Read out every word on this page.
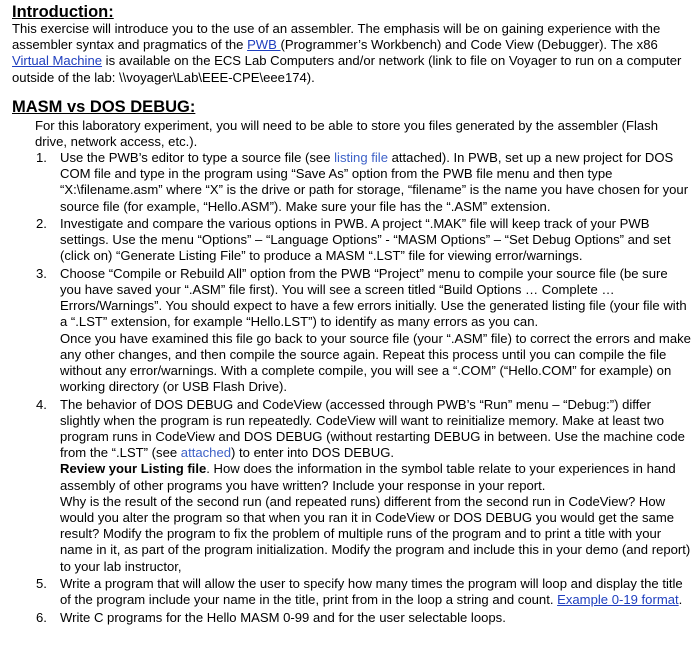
Introduction:

This exercise will introduce you to the use of an assembler. The emphasis will be on gaining experience with the assembler syntax and pragmatics of the PWB (Programmer’s Workbench) and Code View (Debugger). The x86 Virtual Machine is available on the ECS Lab Computers and/or network (link to file on Voyager to run on a computer outside of the lab: \\voyager\Lab\EEE-CPE\eee174).

MASM vs DOS DEBUG:

For this laboratory experiment, you will need to be able to store you files generated by the assembler (Flash drive, network access, etc.).

1. Use the PWB’s editor to type a source file (see listing file attached). In PWB, set up a new project for DOS COM file and type in the program using “Save As” option from the PWB file menu and then type “X:\filename.asm” where “X” is the drive or path for storage, “filename” is the name you have chosen for your source file (for example, “Hello.ASM”). Make sure your file has the “.ASM” extension.
2. Investigate and compare the various options in PWB. A project “.MAK” file will keep track of your PWB settings. Use the menu “Options” – “Language Options” - “MASM Options” – “Set Debug Options” and set (click on) “Generate Listing File” to produce a MASM “.LST” file for viewing error/warnings.
3. Choose “Compile or Rebuild All” option from the PWB “Project” menu to compile your source file (be sure you have saved your “.ASM” file first). You will see a screen titled “Build Options … Complete … Errors/Warnings”. You should expect to have a few errors initially. Use the generated listing file (your file with a “.LST” extension, for example “Hello.LST”) to identify as many errors as you can.
Once you have examined this file go back to your source file (your “.ASM” file) to correct the errors and make any other changes, and then compile the source again. Repeat this process until you can compile the file without any error/warnings. With a complete compile, you will see a “.COM” (“Hello.COM” for example) on working directory (or USB Flash Drive).
4. The behavior of DOS DEBUG and CodeView (accessed through PWB’s “Run” menu – “Debug:”) differ slightly when the program is run repeatedly. CodeView will want to reinitialize memory. Make at least two program runs in CodeView and DOS DEBUG (without restarting DEBUG in between. Use the machine code from the “.LST” (see attached) to enter into DOS DEBUG.
Review your Listing file. How does the information in the symbol table relate to your experiences in hand assembly of other programs you have written? Include your response in your report.
Why is the result of the second run (and repeated runs) different from the second run in CodeView? How would you alter the program so that when you ran it in CodeView or DOS DEBUG you would get the same result? Modify the program to fix the problem of multiple runs of the program and to print a title with your name in it, as part of the program initialization. Modify the program and include this in your demo (and report) to your lab instructor,
5. Write a program that will allow the user to specify how many times the program will loop and display the title of the program include your name in the title, print from in the loop a string and count. Example 0-19 format.
6. Write C programs for the Hello MASM 0-99 and for the user selectable loops.
